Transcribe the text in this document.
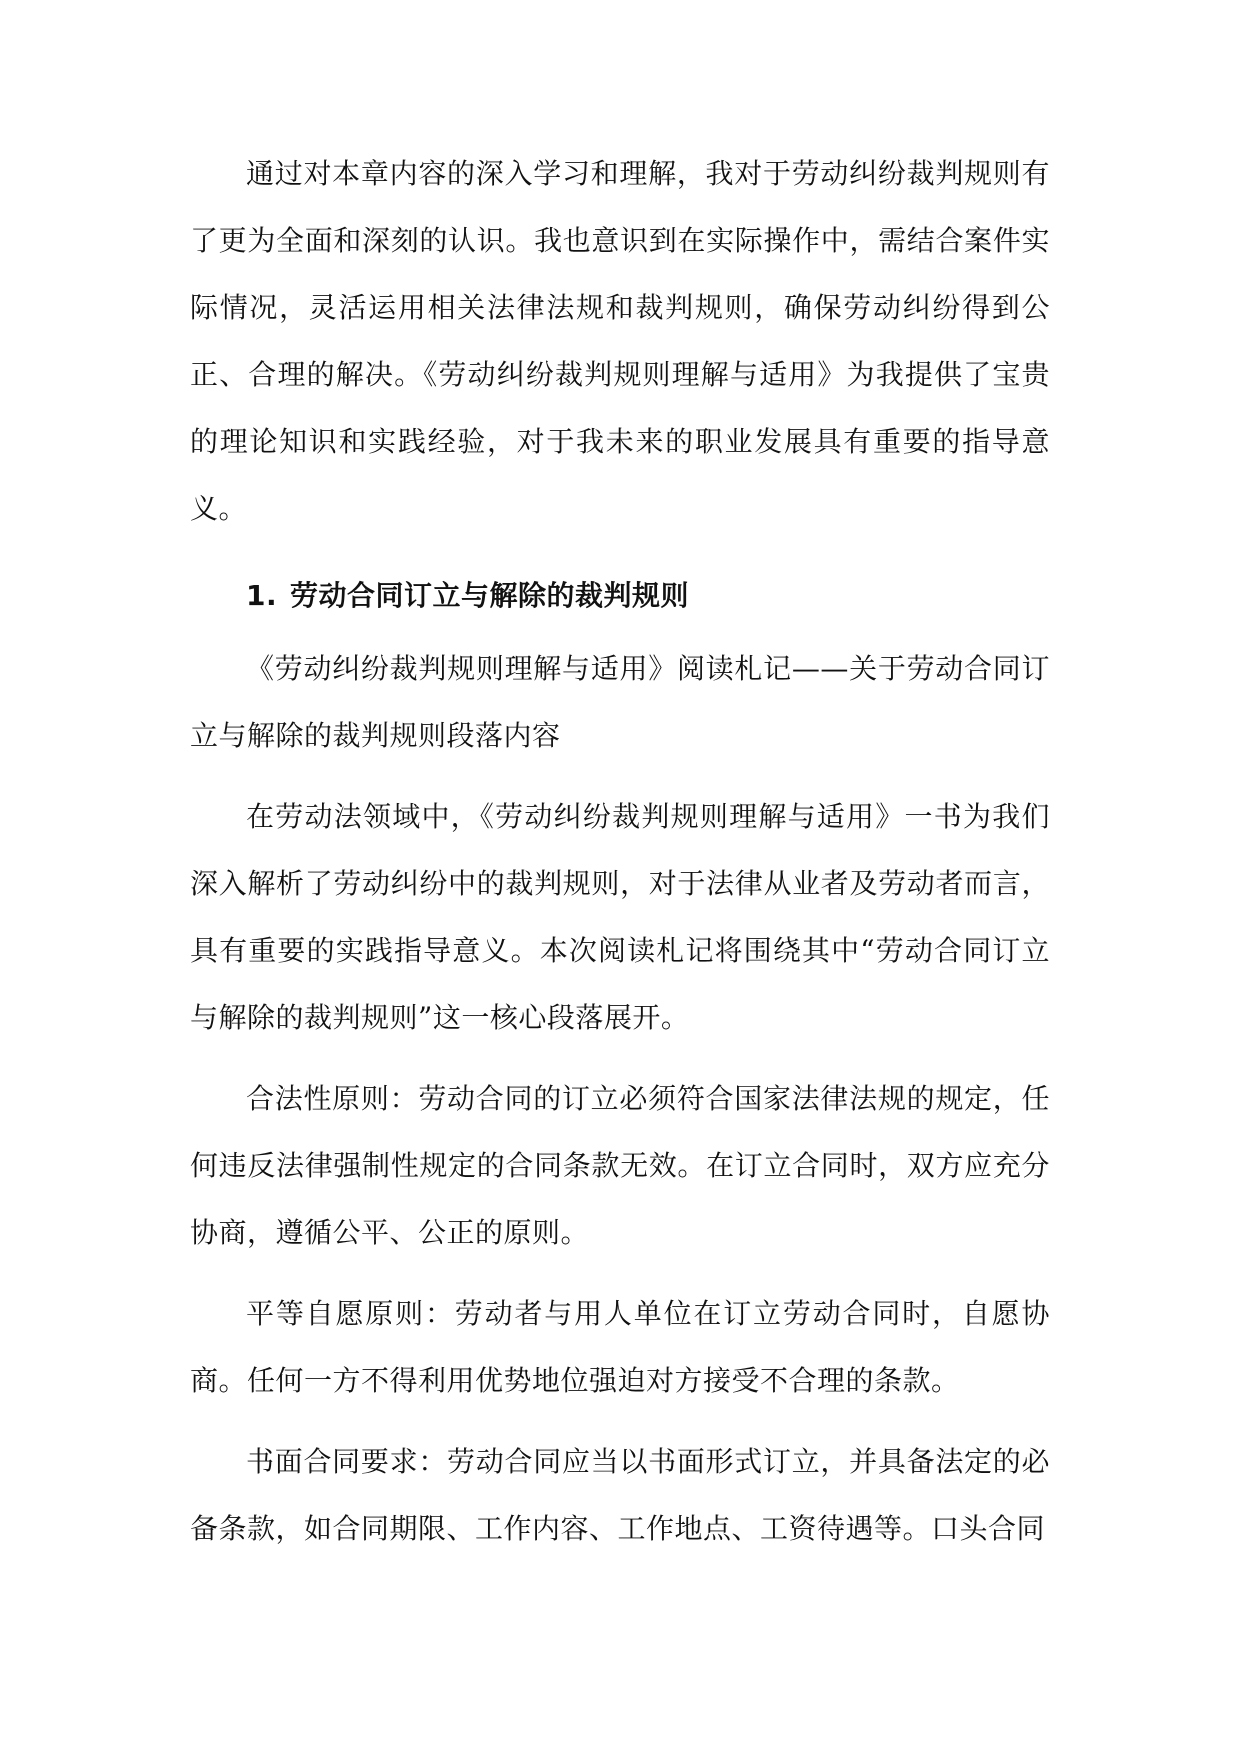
通过对本章内容的深入学习和理解，我对于劳动纠纷裁判规则有了更为全面和深刻的认识。我也意识到在实际操作中，需结合案件实际情况，灵活运用相关法律法规和裁判规则，确保劳动纠纷得到公正、合理的解决。《劳动纠纷裁判规则理解与适用》为我提供了宝贵的理论知识和实践经验，对于我未来的职业发展具有重要的指导意义。

1. 劳动合同订立与解除的裁判规则

《劳动纠纷裁判规则理解与适用》阅读札记——关于劳动合同订立与解除的裁判规则段落内容

在劳动法领域中，《劳动纠纷裁判规则理解与适用》一书为我们深入解析了劳动纠纷中的裁判规则，对于法律从业者及劳动者而言，具有重要的实践指导意义。本次阅读札记将围绕其中“劳动合同订立与解除的裁判规则”这一核心段落展开。

合法性原则：劳动合同的订立必须符合国家法律法规的规定，任何违反法律强制性规定的合同条款无效。在订立合同时，双方应充分协商，遵循公平、公正的原则。

平等自愿原则：劳动者与用人单位在订立劳动合同时，自愿协商。任何一方不得利用优势地位强迫对方接受不合理的条款。

书面合同要求：劳动合同应当以书面形式订立，并具备法定的必备条款，如合同期限、工作内容、工作地点、工资待遇等。口头合同
